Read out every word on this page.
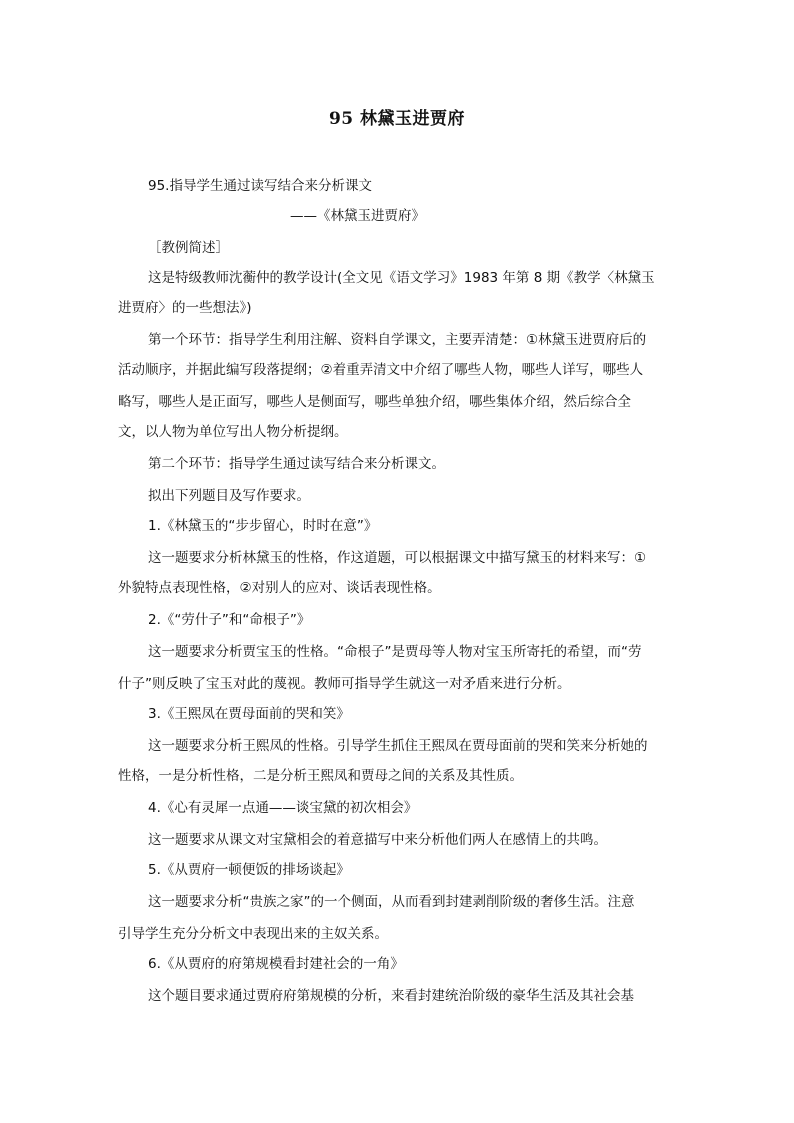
95 林黛玉进贾府
95.指导学生通过读写结合来分析课文
——《林黛玉进贾府》
［教例简述］
这是特级教师沈蘅仲的教学设计(全文见《语文学习》1983 年第 8 期《教学〈林黛玉
进贾府〉的一些想法》)
第一个环节：指导学生利用注解、资料自学课文，主要弄清楚：①林黛玉进贾府后的
活动顺序，并据此编写段落提纲；②着重弄清文中介绍了哪些人物，哪些人详写，哪些人
略写，哪些人是正面写，哪些人是侧面写，哪些单独介绍，哪些集体介绍，然后综合全
文，以人物为单位写出人物分析提纲。
第二个环节：指导学生通过读写结合来分析课文。
拟出下列题目及写作要求。
1.《林黛玉的“步步留心，时时在意”》
这一题要求分析林黛玉的性格，作这道题，可以根据课文中描写黛玉的材料来写：①
外貌特点表现性格，②对别人的应对、谈话表现性格。
2.《“劳什子”和“命根子”》
这一题要求分析贾宝玉的性格。“命根子”是贾母等人物对宝玉所寄托的希望，而“劳
什子”则反映了宝玉对此的蔑视。教师可指导学生就这一对矛盾来进行分析。
3.《王熙凤在贾母面前的哭和笑》
这一题要求分析王熙凤的性格。引导学生抓住王熙凤在贾母面前的哭和笑来分析她的
性格，一是分析性格，二是分析王熙凤和贾母之间的关系及其性质。
4.《心有灵犀一点通——谈宝黛的初次相会》
这一题要求从课文对宝黛相会的着意描写中来分析他们两人在感情上的共鸣。
5.《从贾府一顿便饭的排场谈起》
这一题要求分析“贵族之家”的一个侧面，从而看到封建剥削阶级的奢侈生活。注意
引导学生充分分析文中表现出来的主奴关系。
6.《从贾府的府第规模看封建社会的一角》
这个题目要求通过贾府府第规模的分析，来看封建统治阶级的豪华生活及其社会基
